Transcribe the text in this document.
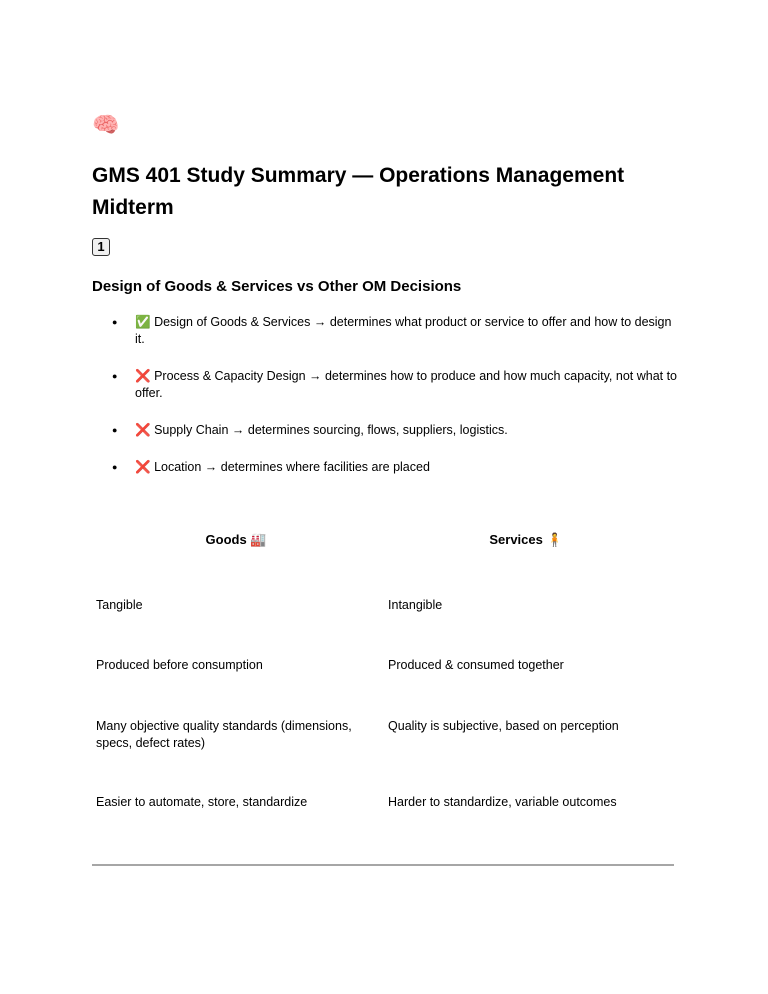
🧠
GMS 401 Study Summary — Operations Management Midterm
1
Design of Goods & Services vs Other OM Decisions
● ✅ Design of Goods & Services → determines what product or service to offer and how to design it.
● ❌ Process & Capacity Design → determines how to produce and how much capacity, not what to offer.
● ❌ Supply Chain → determines sourcing, flows, suppliers, logistics.
● ❌ Location → determines where facilities are placed
Goods 🏭	Services 🧍
Tangible	Intangible
Produced before consumption	Produced & consumed together
Many objective quality standards (dimensions, specs, defect rates)	Quality is subjective, based on perception
Easier to automate, store, standardize	Harder to standardize, variable outcomes
